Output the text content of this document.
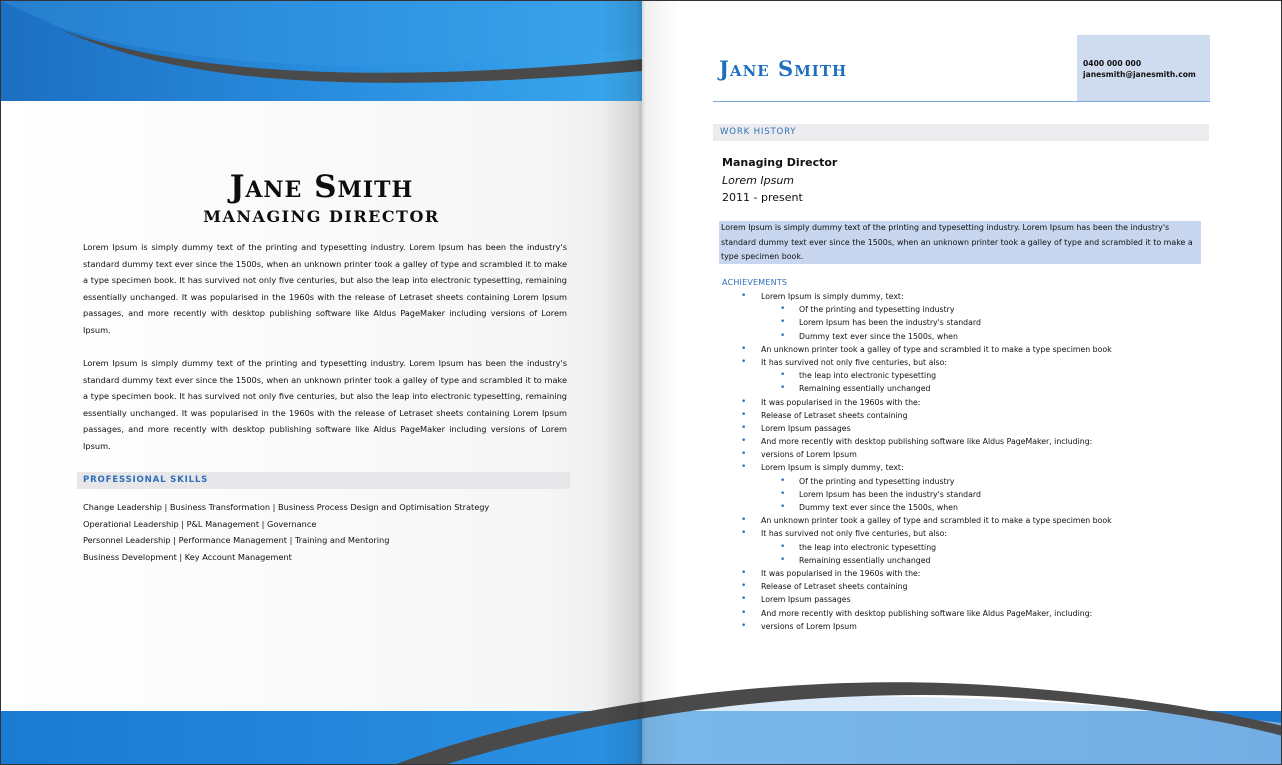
Jane Smith
MANAGING DIRECTOR
Lorem Ipsum is simply dummy text of the printing and typesetting industry. Lorem Ipsum has been the industry's standard dummy text ever since the 1500s, when an unknown printer took a galley of type and scrambled it to make a type specimen book. It has survived not only five centuries, but also the leap into electronic typesetting, remaining essentially unchanged. It was popularised in the 1960s with the release of Letraset sheets containing Lorem Ipsum passages, and more recently with desktop publishing software like Aldus PageMaker including versions of Lorem Ipsum.
Lorem Ipsum is simply dummy text of the printing and typesetting industry. Lorem Ipsum has been the industry's standard dummy text ever since the 1500s, when an unknown printer took a galley of type and scrambled it to make a type specimen book. It has survived not only five centuries, but also the leap into electronic typesetting, remaining essentially unchanged. It was popularised in the 1960s with the release of Letraset sheets containing Lorem Ipsum passages, and more recently with desktop publishing software like Aldus PageMaker including versions of Lorem Ipsum.
PROFESSIONAL SKILLS
Change Leadership | Business Transformation | Business Process Design and Optimisation Strategy
Operational Leadership | P&L Management | Governance
Personnel Leadership | Performance Management | Training and Mentoring
Business Development | Key Account Management
Jane Smith	0400 000 000
janesmith@janesmith.com
WORK HISTORY
Managing Director
Lorem Ipsum
2011 - present
Lorem Ipsum is simply dummy text of the printing and typesetting industry. Lorem Ipsum has been the industry's standard dummy text ever since the 1500s, when an unknown printer took a galley of type and scrambled it to make a type specimen book.
ACHIEVEMENTS
• Lorem Ipsum is simply dummy, text:
• Of the printing and typesetting industry
• Lorem Ipsum has been the industry's standard
• Dummy text ever since the 1500s, when
• An unknown printer took a galley of type and scrambled it to make a type specimen book
• It has survived not only five centuries, but also:
• the leap into electronic typesetting
• Remaining essentially unchanged
• It was popularised in the 1960s with the:
• Release of Letraset sheets containing
• Lorem Ipsum passages
• And more recently with desktop publishing software like Aldus PageMaker, including:
• versions of Lorem Ipsum
• Lorem Ipsum is simply dummy, text:
• Of the printing and typesetting industry
• Lorem Ipsum has been the industry's standard
• Dummy text ever since the 1500s, when
• An unknown printer took a galley of type and scrambled it to make a type specimen book
• It has survived not only five centuries, but also:
• the leap into electronic typesetting
• Remaining essentially unchanged
• It was popularised in the 1960s with the:
• Release of Letraset sheets containing
• Lorem Ipsum passages
• And more recently with desktop publishing software like Aldus PageMaker, including:
• versions of Lorem Ipsum
